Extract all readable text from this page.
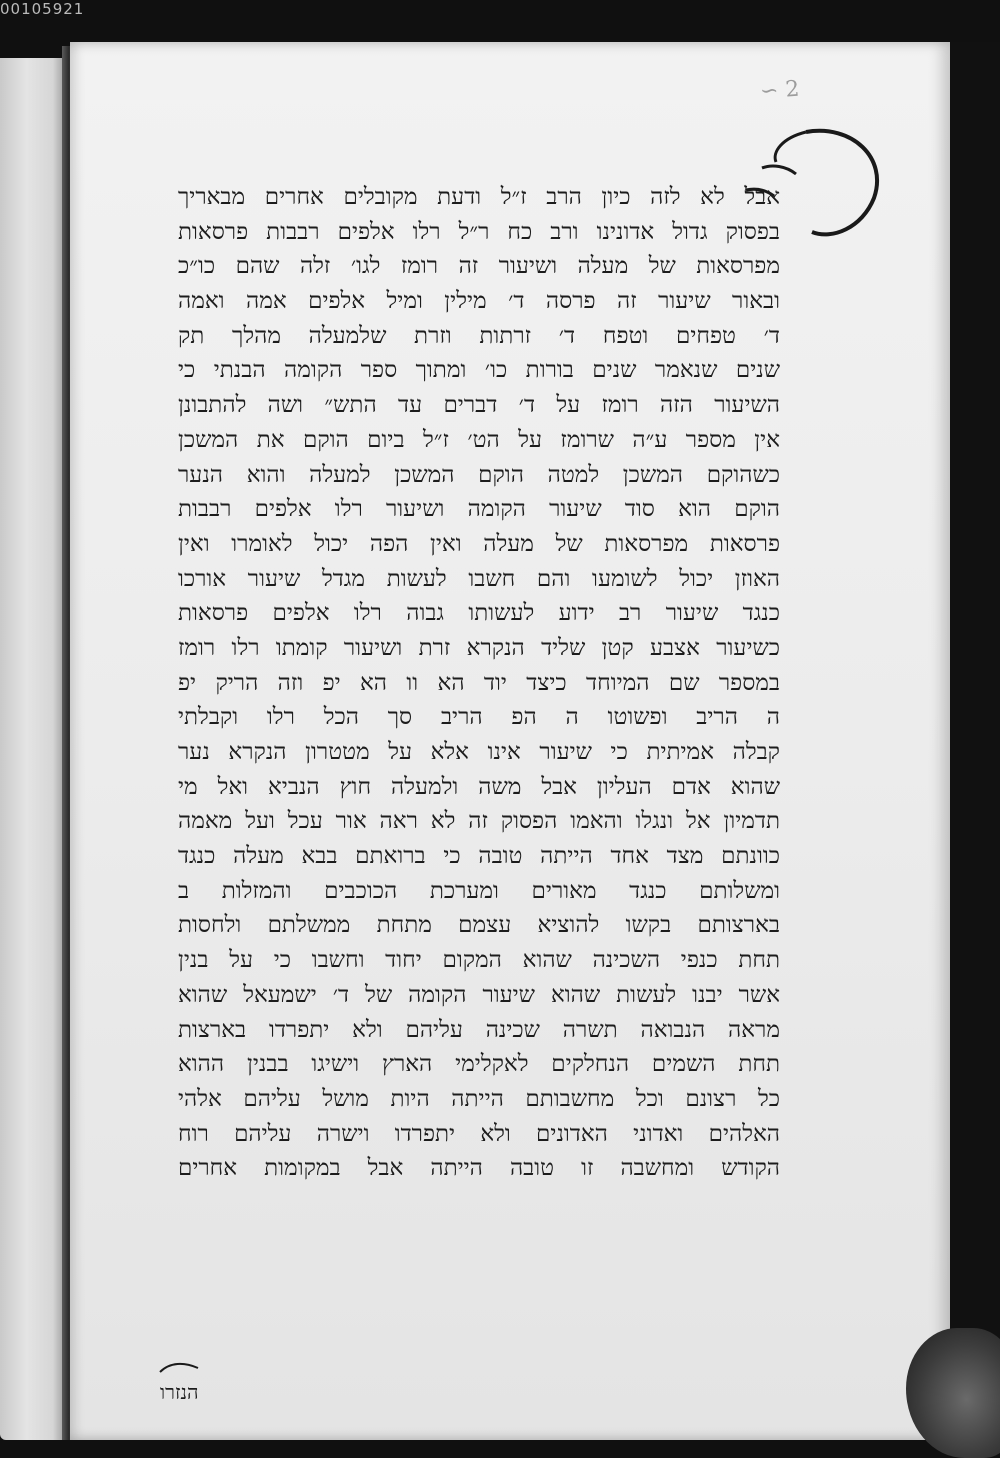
00105921
∽ 2
אבל לא לזה כיון הרב ז״ל ודעת מקובלים אחרים מבאריך
בפסוק גדול אדונינו ורב כח ר״ל רלו אלפים רבבות פרסאות
מפרסאות של מעלה ושיעור זה רומז לגו׳ זלה שהם כו״כ
ובאור שיעור זה פרסה ד׳ מילין ומיל אלפים אמה ואמה
ד׳ טפחים וטפח ד׳ זרתות וזרת שלמעלה מהלך תק
שנים שנאמר שנים בורות כו׳ ומתוך ספר הקומה הבנתי כי
השיעור הזה רומז על ד׳ דברים עד התש״ ושה להתבונן
אין מספר ע״ה שרומז על הט׳ ז״ל ביום הוקם את המשכן
כשהוקם המשכן למטה הוקם המשכן למעלה והוא הנער
הוקם הוא סוד שיעור הקומה ושיעור רלו אלפים רבבות
פרסאות מפרסאות של מעלה ואין הפה יכול לאומרו ואין
האוזן יכול לשומעו והם חשבו לעשות מגדל שיעור אורכו
כנגד שיעור רב ידוע לעשותו גבוה רלו אלפים פרסאות
כשיעור אצבע קטן שליד הנקרא זרת ושיעור קומתו רלו רומז
במספר שם המיוחד כיצד יוד הא וו הא יפ וזה הריק יפ
ה הריב ופשוטו ה הפ הריב סך הכל רלו וקבלתי
קבלה אמיתית כי שיעור אינו אלא על מטטרון הנקרא נער
שהוא אדם העליון אבל משה ולמעלה חוץ הנביא ואל מי
תדמיון אל ונגלו והאמו הפסוק זה לא ראה אור עכל ועל מאמה
כוונתם מצד אחד הייתה טובה כי ברואתם בבא מעלה כנגד
ומשלותם כנגד מאורים ומערכת הכוכבים והמזלות ב
בארצותם בקשו להוציא עצמם מתחת ממשלתם ולחסות
תחת כנפי השכינה שהוא המקום יחוד וחשבו כי על בנין
אשר יבנו לעשות שהוא שיעור הקומה של ד׳ ישמעאל שהוא
מראה הנבואה תשרה שכינה עליהם ולא יתפרדו בארצות
תחת השמים הנחלקים לאקלימי הארץ וישיגו בבנין ההוא
כל רצונם וכל מחשבותם הייתה היות מושל עליהם אלהי
האלהים ואדוני האדונים ולא יתפרדו וישרה עליהם רוח
הקודש ומחשבה זו טובה הייתה אבל במקומות אחרים
הנזרו
